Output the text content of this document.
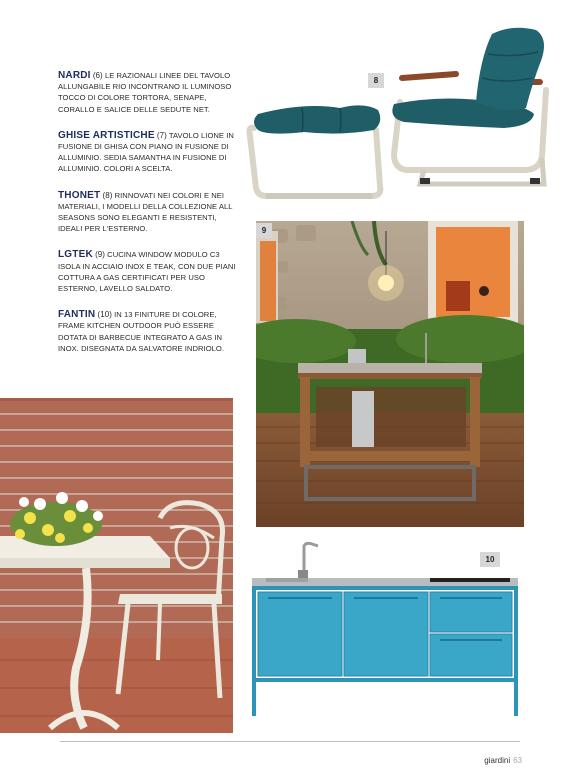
NARDI (6) LE RAZIONALI LINEE DEL TAVOLO ALLUNGABILE RIO INCONTRANO IL LUMINOSO TOCCO DI COLORE TORTORA, SENAPE, CORALLO E SALICE DELLE SEDUTE NET.

GHISE ARTISTICHE (7) TAVOLO LIONE IN FUSIONE DI GHISA CON PIANO IN FUSIONE DI ALLUMINIO. SEDIA SAMANTHA IN FUSIONE DI ALLUMINIO. COLORI A SCELTA.

THONET (8) RINNOVATI NEI COLORI E NEI MATERIALI, I MODELLI DELLA COLLEZIONE ALL SEASONS SONO ELEGANTI E RESISTENTI, IDEALI PER L'ESTERNO.

LGTEK (9) CUCINA WINDOW MODULO C3 ISOLA IN ACCIAIO INOX E TEAK, CON DUE PIANI COTTURA A GAS CERTIFICATI PER USO ESTERNO, LAVELLO SALDATO.

FANTIN (10) IN 13 FINITURE DI COLORE, FRAME KITCHEN OUTDOOR PUÒ ESSERE DOTATA DI BARBECUE INTEGRATO A GAS IN INOX. DISEGNATA DA SALVATORE INDRIOLO.

8
9
10
giardini 63
